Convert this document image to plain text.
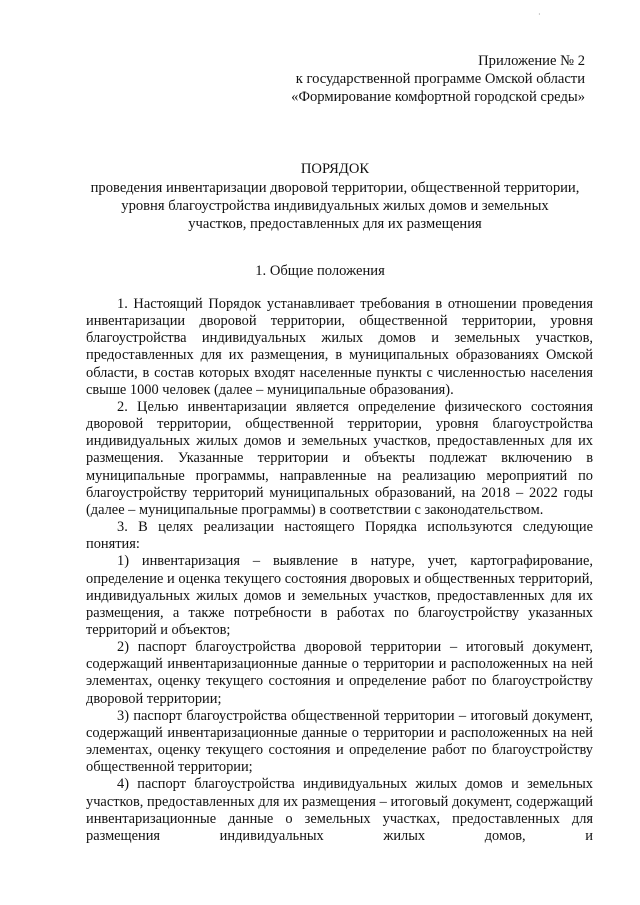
·
Приложение № 2
к государственной программе Омской области
«Формирование комфортной городской среды»
ПОРЯДОК
проведения инвентаризации дворовой территории, общественной территории,
уровня благоустройства индивидуальных жилых домов и земельных
участков, предоставленных для их размещения
1. Общие положения

1. Настоящий Порядок устанавливает требования в отношении проведения инвентаризации дворовой территории, общественной территории, уровня благоустройства индивидуальных жилых домов и земельных участков, предоставленных для их размещения, в муниципальных образованиях Омской области, в состав которых входят населенные пункты с численностью населения свыше 1000 человек (далее – муниципальные образования).

2. Целью инвентаризации является определение физического состояния дворовой территории, общественной территории, уровня благоустройства индивидуальных жилых домов и земельных участков, предоставленных для их размещения. Указанные территории и объекты подлежат включению в муниципальные программы, направленные на реализацию мероприятий по благоустройству территорий муниципальных образований, на 2018 – 2022 годы (далее – муниципальные программы) в соответствии с законодательством.

3. В целях реализации настоящего Порядка используются следующие понятия:

1) инвентаризация – выявление в натуре, учет, картографирование, определение и оценка текущего состояния дворовых и общественных территорий, индивидуальных жилых домов и земельных участков, предоставленных для их размещения, а также потребности в работах по благоустройству указанных территорий и объектов;

2) паспорт благоустройства дворовой территории – итоговый документ, содержащий инвентаризационные данные о территории и расположенных на ней элементах, оценку текущего состояния и определение работ по благоустройству дворовой территории;

3) паспорт благоустройства общественной территории – итоговый документ, содержащий инвентаризационные данные о территории и расположенных на ней элементах, оценку текущего состояния и определение работ по благоустройству общественной территории;

4) паспорт благоустройства индивидуальных жилых домов и земельных участков, предоставленных для их размещения – итоговый документ, содержащий инвентаризационные данные о земельных участках, предоставленных для размещения индивидуальных жилых домов, и
